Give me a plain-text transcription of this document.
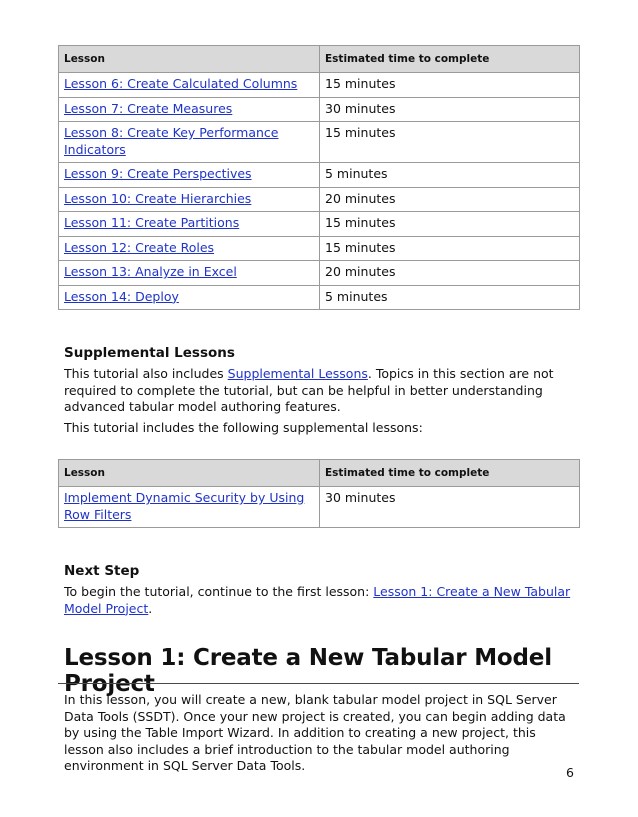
Lesson	Estimated time to complete
Lesson 6: Create Calculated Columns	15 minutes
Lesson 7: Create Measures	30 minutes
Lesson 8: Create Key Performance Indicators	15 minutes
Lesson 9: Create Perspectives	5 minutes
Lesson 10: Create Hierarchies	20 minutes
Lesson 11: Create Partitions	15 minutes
Lesson 12: Create Roles	15 minutes
Lesson 13: Analyze in Excel	20 minutes
Lesson 14: Deploy	5 minutes
Supplemental Lessons

This tutorial also includes Supplemental Lessons. Topics in this section are not required to complete the tutorial, but can be helpful in better understanding advanced tabular model authoring features.

This tutorial includes the following supplemental lessons:

Lesson	Estimated time to complete
Implement Dynamic Security by Using Row Filters	30 minutes
Next Step

To begin the tutorial, continue to the first lesson: Lesson 1: Create a New Tabular Model Project.

Lesson 1: Create a New Tabular Model Project

In this lesson, you will create a new, blank tabular model project in SQL Server Data Tools (SSDT). Once your new project is created, you can begin adding data by using the Table Import Wizard. In addition to creating a new project, this lesson also includes a brief introduction to the tabular model authoring environment in SQL Server Data Tools.	6
